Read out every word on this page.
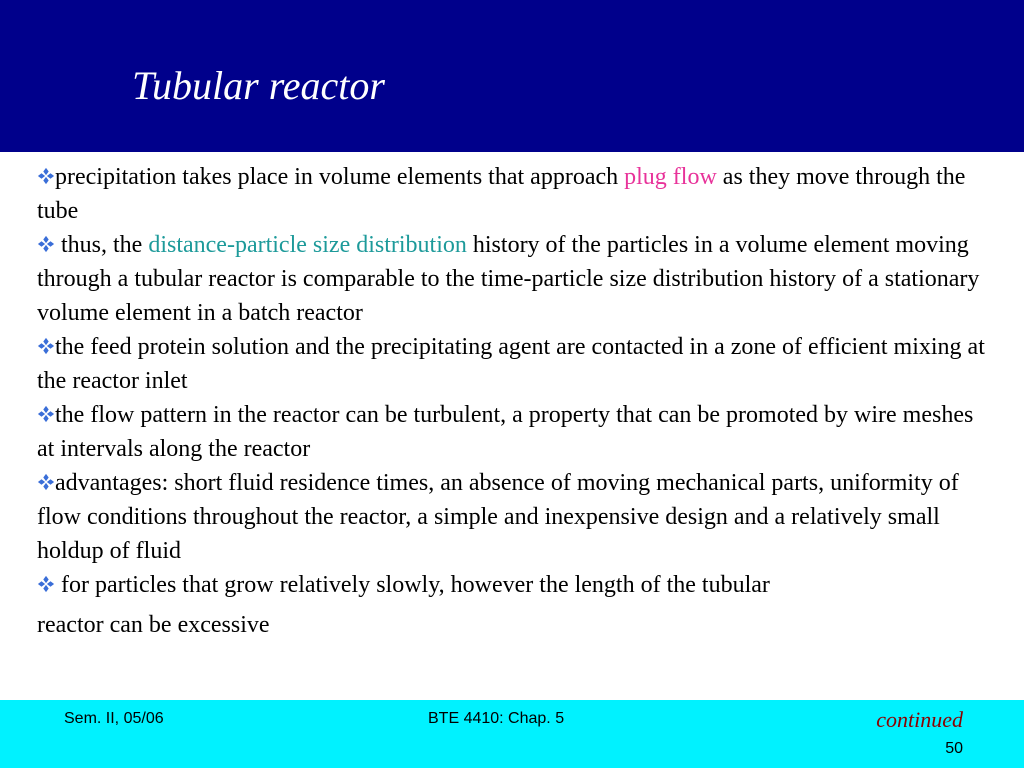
Tubular reactor

precipitation takes place in volume elements that approach plug flow as they move through the tube

thus, the distance-particle size distribution history of the particles in a volume element moving through a tubular reactor is comparable to the time-particle size distribution history of a stationary volume element in a batch reactor

the feed protein solution and the precipitating agent are contacted in a zone of efficient mixing at the reactor inlet

the flow pattern in the reactor can be turbulent, a property that can be promoted by wire meshes at intervals along the reactor

advantages: short fluid residence times, an absence of moving mechanical parts, uniformity of flow conditions throughout the reactor, a simple and inexpensive design and a relatively small holdup of fluid

for particles that grow relatively slowly, however the length of the tubular
reactor can be excessive

Sem. II, 05/06	BTE 4410: Chap. 5	continued
50
